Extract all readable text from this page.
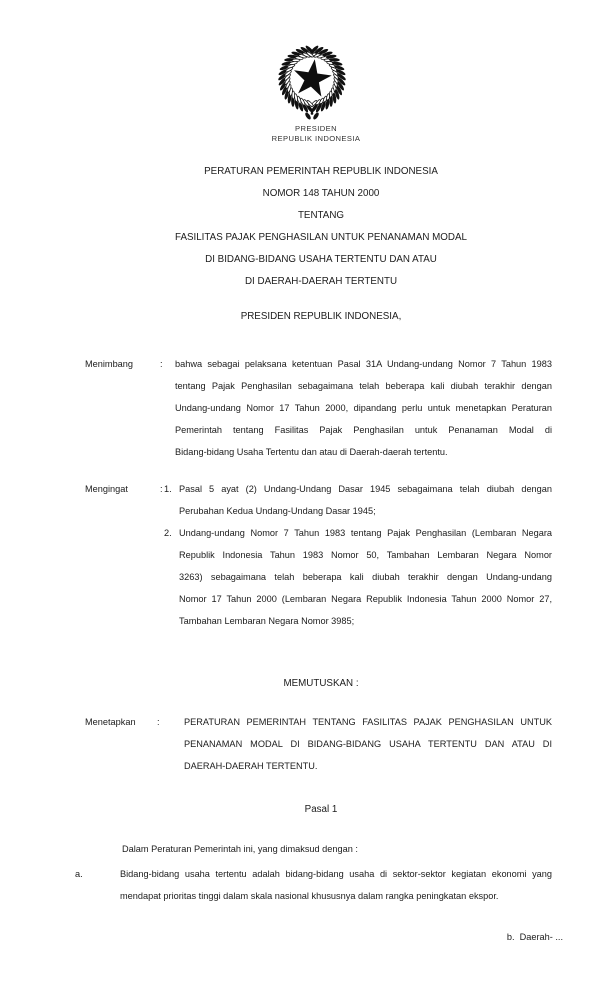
PRESIDEN
REPUBLIK INDONESIA
PERATURAN PEMERINTAH REPUBLIK INDONESIA
NOMOR 148 TAHUN 2000
TENTANG
FASILITAS PAJAK PENGHASILAN UNTUK PENANAMAN MODAL
DI BIDANG-BIDANG USAHA TERTENTU DAN ATAU
DI DAERAH-DAERAH TERTENTU
PRESIDEN REPUBLIK INDONESIA,
Menimbang	: bahwa sebagai pelaksana ketentuan Pasal 31A Undang-undang Nomor 7 Tahun 1983
tentang Pajak Penghasilan sebagaimana telah beberapa kali diubah terakhir dengan
Undang-undang Nomor 17 Tahun 2000, dipandang perlu untuk menetapkan Peraturan
Pemerintah tentang Fasilitas Pajak Penghasilan untuk Penanaman Modal di
Bidang-bidang Usaha Tertentu dan atau di Daerah-daerah tertentu.
Mengingat	: 1. Pasal 5 ayat (2) Undang-Undang Dasar 1945 sebagaimana telah diubah dengan
Perubahan Kedua Undang-Undang Dasar 1945;
2. Undang-undang Nomor 7 Tahun 1983 tentang Pajak Penghasilan (Lembaran Negara
Republik Indonesia Tahun 1983 Nomor 50, Tambahan Lembaran Negara Nomor
3263) sebagaimana telah beberapa kali diubah terakhir dengan Undang-undang
Nomor 17 Tahun 2000 (Lembaran Negara Republik Indonesia Tahun 2000 Nomor 27,
Tambahan Lembaran Negara Nomor 3985;
MEMUTUSKAN :
Menetapkan :	PERATURAN PEMERINTAH TENTANG FASILITAS PAJAK PENGHASILAN UNTUK
PENANAMAN MODAL DI BIDANG-BIDANG USAHA TERTENTU DAN ATAU DI
DAERAH-DAERAH TERTENTU.
Pasal 1
Dalam Peraturan Pemerintah ini, yang dimaksud dengan :
a.	Bidang-bidang usaha tertentu adalah bidang-bidang usaha di sektor-sektor kegiatan ekonomi yang
mendapat prioritas tinggi dalam skala nasional khususnya dalam rangka peningkatan ekspor.
b.  Daerah- ...
